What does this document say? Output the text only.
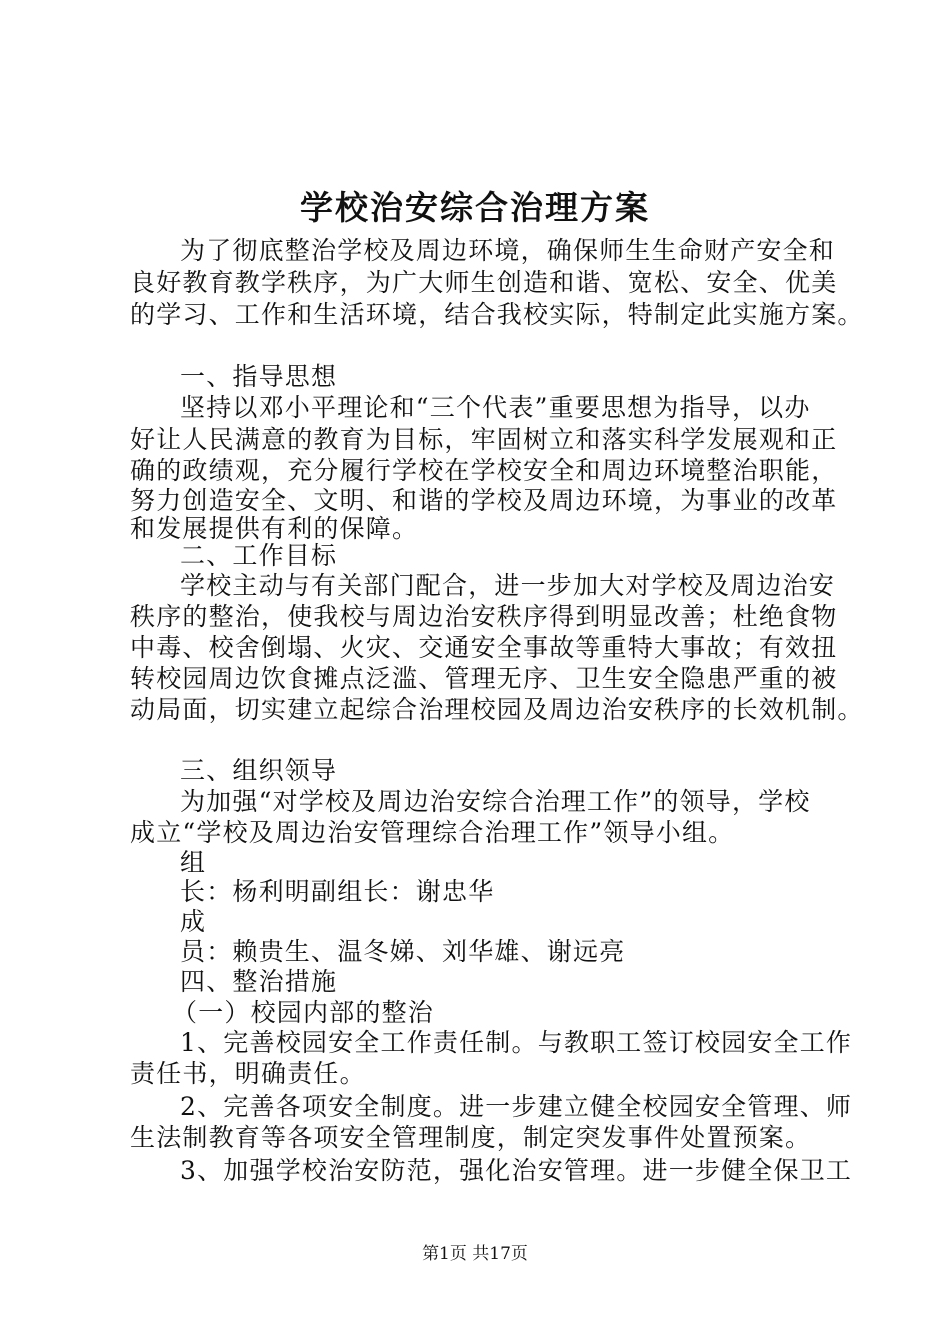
学校治安综合治理方案
为了彻底整治学校及周边环境，确保师生生命财产安全和
良好教育教学秩序，为广大师生创造和谐、宽松、安全、优美
的学习、工作和生活环境，结合我校实际，特制定此实施方案。
一、指导思想
坚持以邓小平理论和“三个代表”重要思想为指导，以办
好让人民满意的教育为目标，牢固树立和落实科学发展观和正
确的政绩观，充分履行学校在学校安全和周边环境整治职能，
努力创造安全、文明、和谐的学校及周边环境，为事业的改革
和发展提供有利的保障。
二、工作目标
学校主动与有关部门配合，进一步加大对学校及周边治安
秩序的整治，使我校与周边治安秩序得到明显改善；杜绝食物
中毒、校舍倒塌、火灾、交通安全事故等重特大事故；有效扭
转校园周边饮食摊点泛滥、管理无序、卫生安全隐患严重的被
动局面，切实建立起综合治理校园及周边治安秩序的长效机制。
三、组织领导
为加强“对学校及周边治安综合治理工作”的领导，学校
成立“学校及周边治安管理综合治理工作”领导小组。
组
长：杨利明副组长：谢忠华
成
员：赖贵生、温冬娣、刘华雄、谢远亮
四、整治措施
（一）校园内部的整治
1、完善校园安全工作责任制。与教职工签订校园安全工作
责任书，明确责任。
2、完善各项安全制度。进一步建立健全校园安全管理、师
生法制教育等各项安全管理制度，制定突发事件处置预案。
3、加强学校治安防范，强化治安管理。进一步健全保卫工
第1页 共17页
